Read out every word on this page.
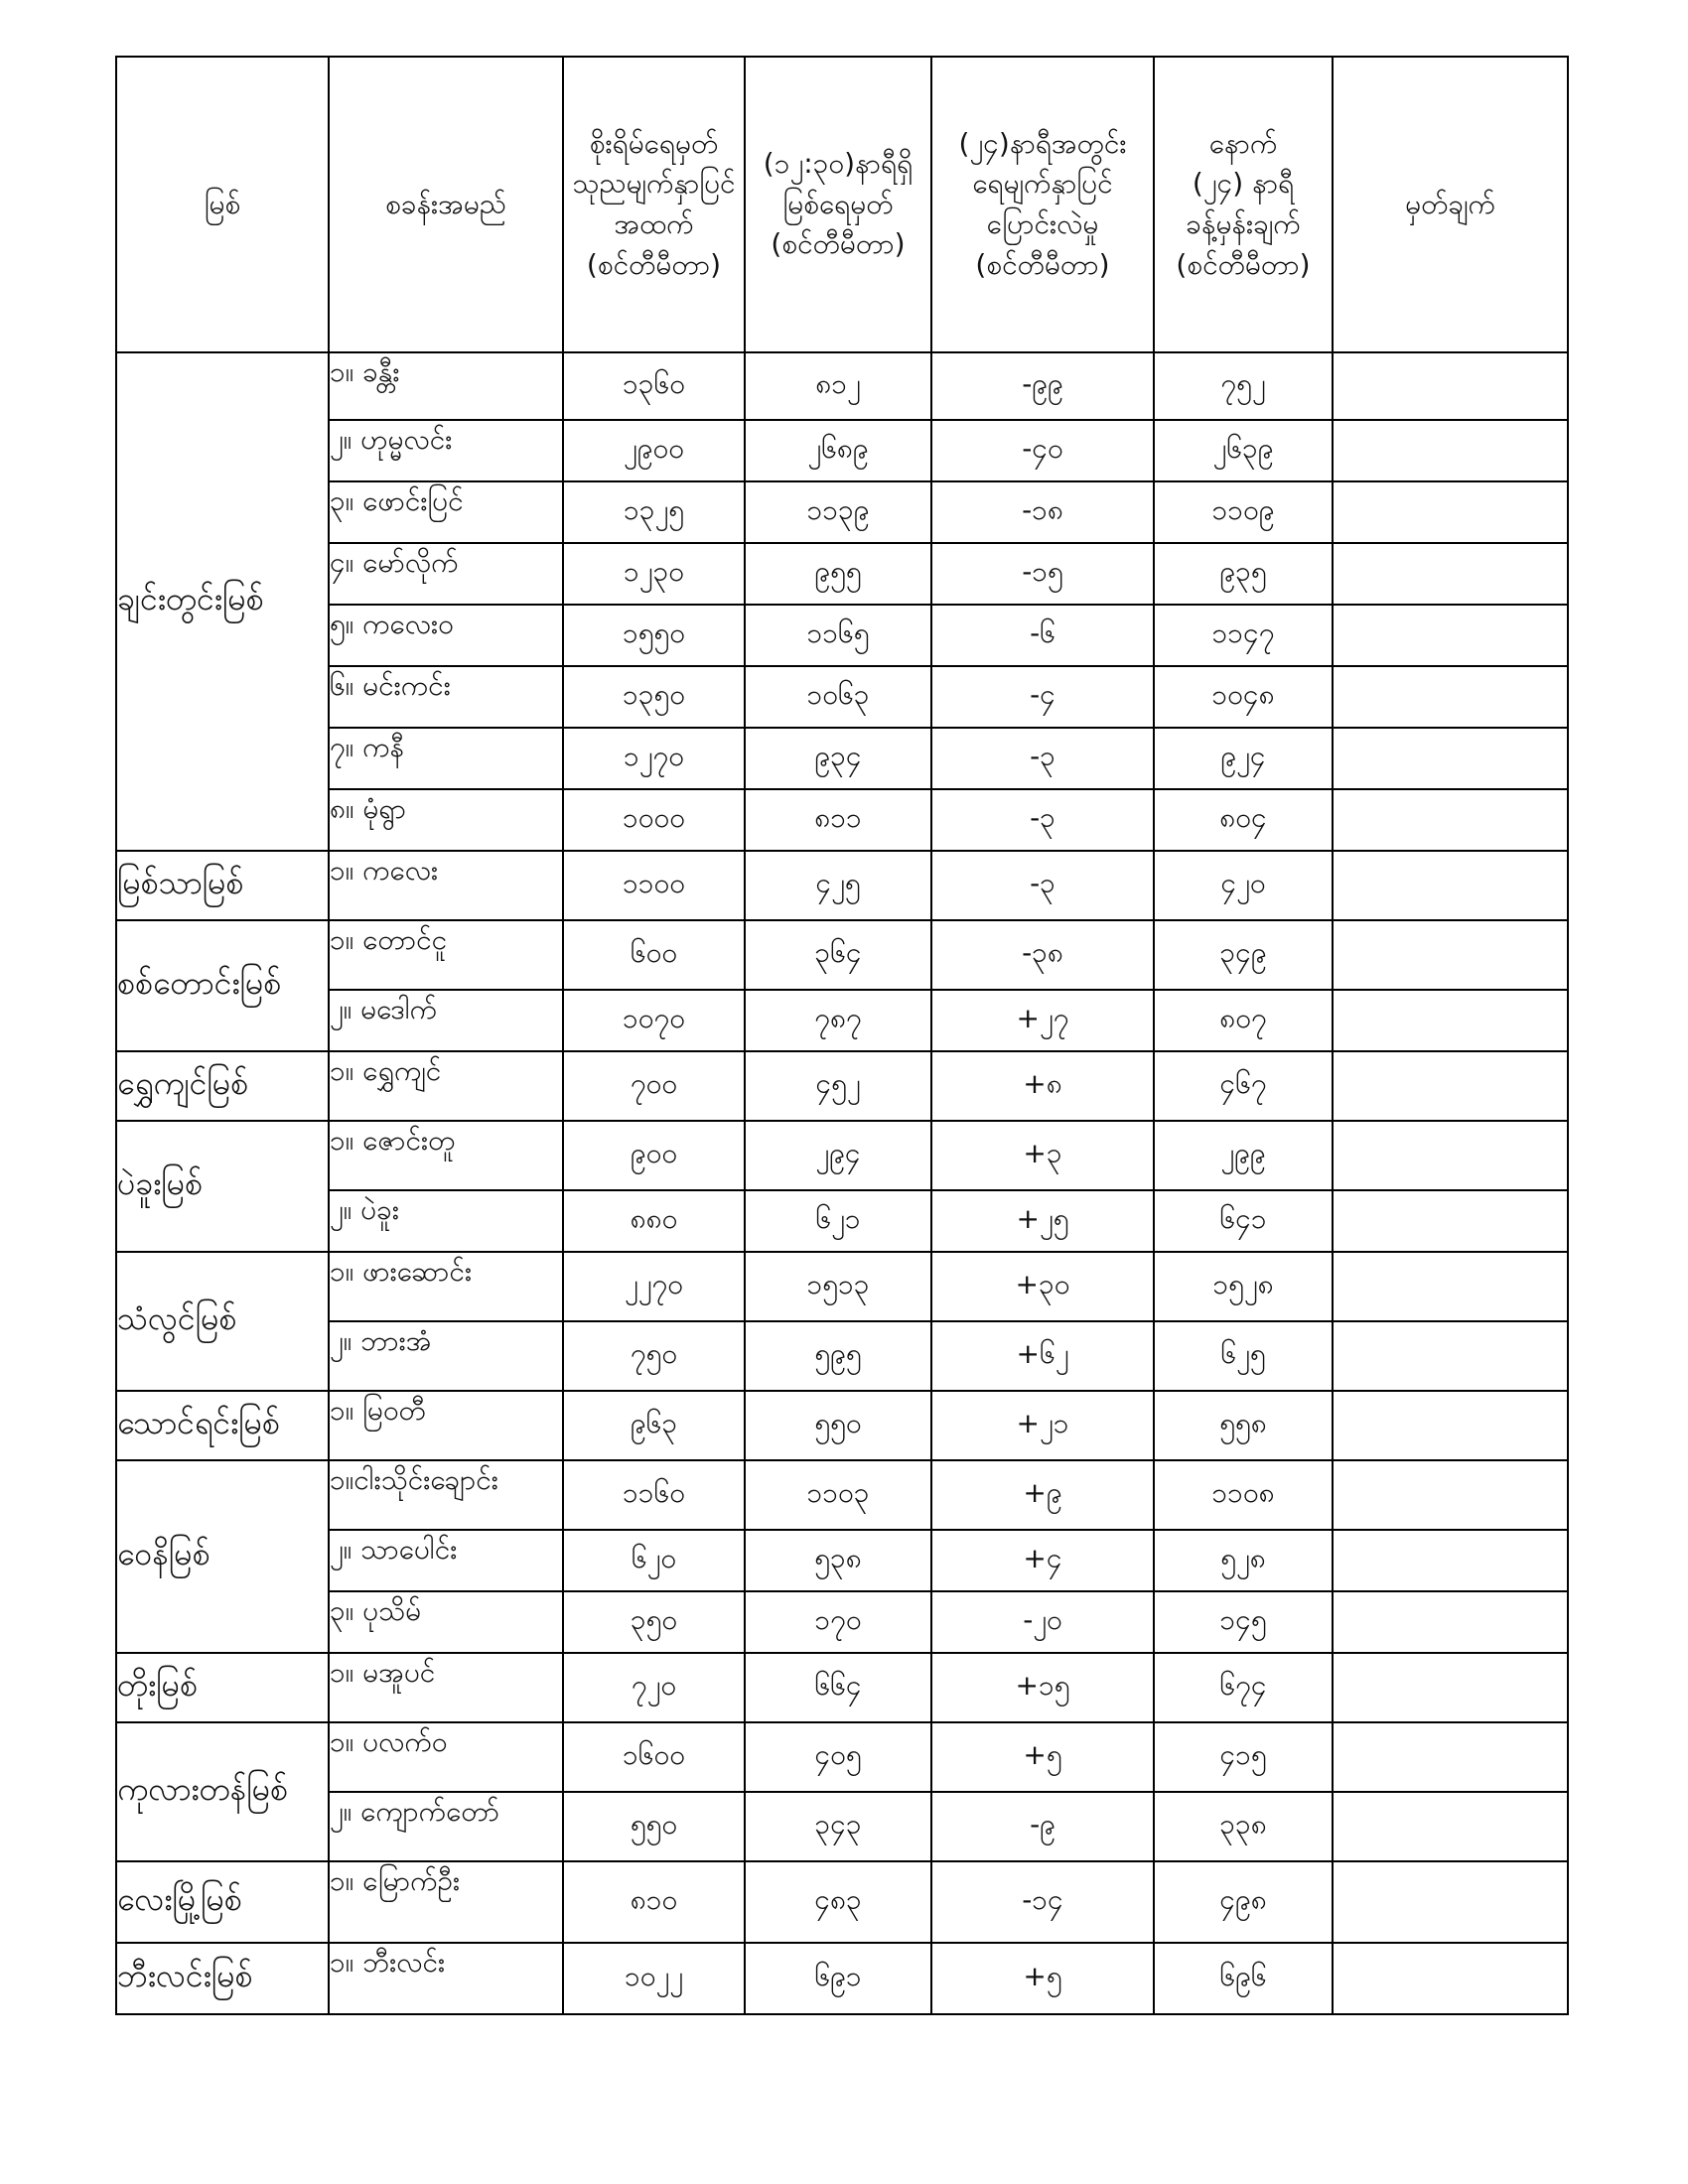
မြစ်	စခန်းအမည်	စိုးရိမ်ရေမှတ်
သုညမျက်နှာပြင်
အထက်
(စင်တီမီတာ)	(၁၂:၃၀)နာရီရှိ
မြစ်ရေမှတ်
(စင်တီမီတာ)	(၂၄)နာရီအတွင်း
ရေမျက်နှာပြင်
ပြောင်းလဲမှု
(စင်တီမီတာ)	နောက်
(၂၄) နာရီ
ခန့်မှန်းချက်
(စင်တီမီတာ)	မှတ်ချက်
ချင်းတွင်းမြစ်	၁။ ခန္တီး	၁၃၆၀	၈၁၂	-၉၉	၇၅၂	
	၂။ ဟုမ္မလင်း	၂၉၀၀	၂၆၈၉	-၄၀	၂၆၃၉	
	၃။ ဖောင်းပြင်	၁၃၂၅	၁၁၃၉	-၁၈	၁၁၀၉	
	၄။ မော်လိုက်	၁၂၃၀	၉၅၅	-၁၅	၉၃၅	
	၅။ ကလေးဝ	၁၅၅၀	၁၁၆၅	-၆	၁၁၄၇	
	၆။ မင်းကင်း	၁၃၅၀	၁၀၆၃	-၄	၁၀၄၈	
	၇။ ကနီ	၁၂၇၀	၉၃၄	-၃	၉၂၄	
	၈။ မုံရွာ	၁၀၀၀	၈၁၁	-၃	၈၀၄	
မြစ်သာမြစ်	၁။ ကလေး	၁၁၀၀	၄၂၅	-၃	၄၂၀	
စစ်တောင်းမြစ်	၁။ တောင်ငူ	၆၀၀	၃၆၄	-၃၈	၃၄၉	
	၂။ မဒေါက်	၁၀၇၀	၇၈၇	+၂၇	၈၀၇	
ရွှေကျင်မြစ်	၁။ ရွှေကျင်	၇၀၀	၄၅၂	+၈	၄၆၇	
ပဲခူးမြစ်	၁။ ဇောင်းတူ	၉၀၀	၂၉၄	+၃	၂၉၉	
	၂။ ပဲခူး	၈၈၀	၆၂၁	+၂၅	၆၄၁	
သံလွင်မြစ်	၁။ ဖားဆောင်း	၂၂၇၀	၁၅၁၃	+၃၀	၁၅၂၈	
	၂။ ဘားအံ	၇၅၀	၅၉၅	+၆၂	၆၂၅	
သောင်ရင်းမြစ်	၁။ မြဝတီ	၉၆၃	၅၅၀	+၂၁	၅၅၈	
ဝေနိမြစ်	၁။ငါးသိုင်းချောင်း	၁၁၆၀	၁၁၀၃	+၉	၁၁၀၈	
	၂။ သာပေါင်း	၆၂၀	၅၃၈	+၄	၅၂၈	
	၃။ ပုသိမ်	၃၅၀	၁၇၀	-၂၀	၁၄၅	
တိုးမြစ်	၁။ မအူပင်	၇၂၀	၆၆၄	+၁၅	၆၇၄	
ကုလားတန်မြစ်	၁။ ပလက်ဝ	၁၆၀၀	၄၀၅	+၅	၄၁၅	
	၂။ ကျောက်တော်	၅၅၀	၃၄၃	-၉	၃၃၈	
လေးမြို့မြစ်	၁။ မြောက်ဦး	၈၁၀	၄၈၃	-၁၄	၄၉၈	
ဘီးလင်းမြစ်	၁။ ဘီးလင်း	၁၀၂၂	၆၉၁	+၅	၆၉၆	
